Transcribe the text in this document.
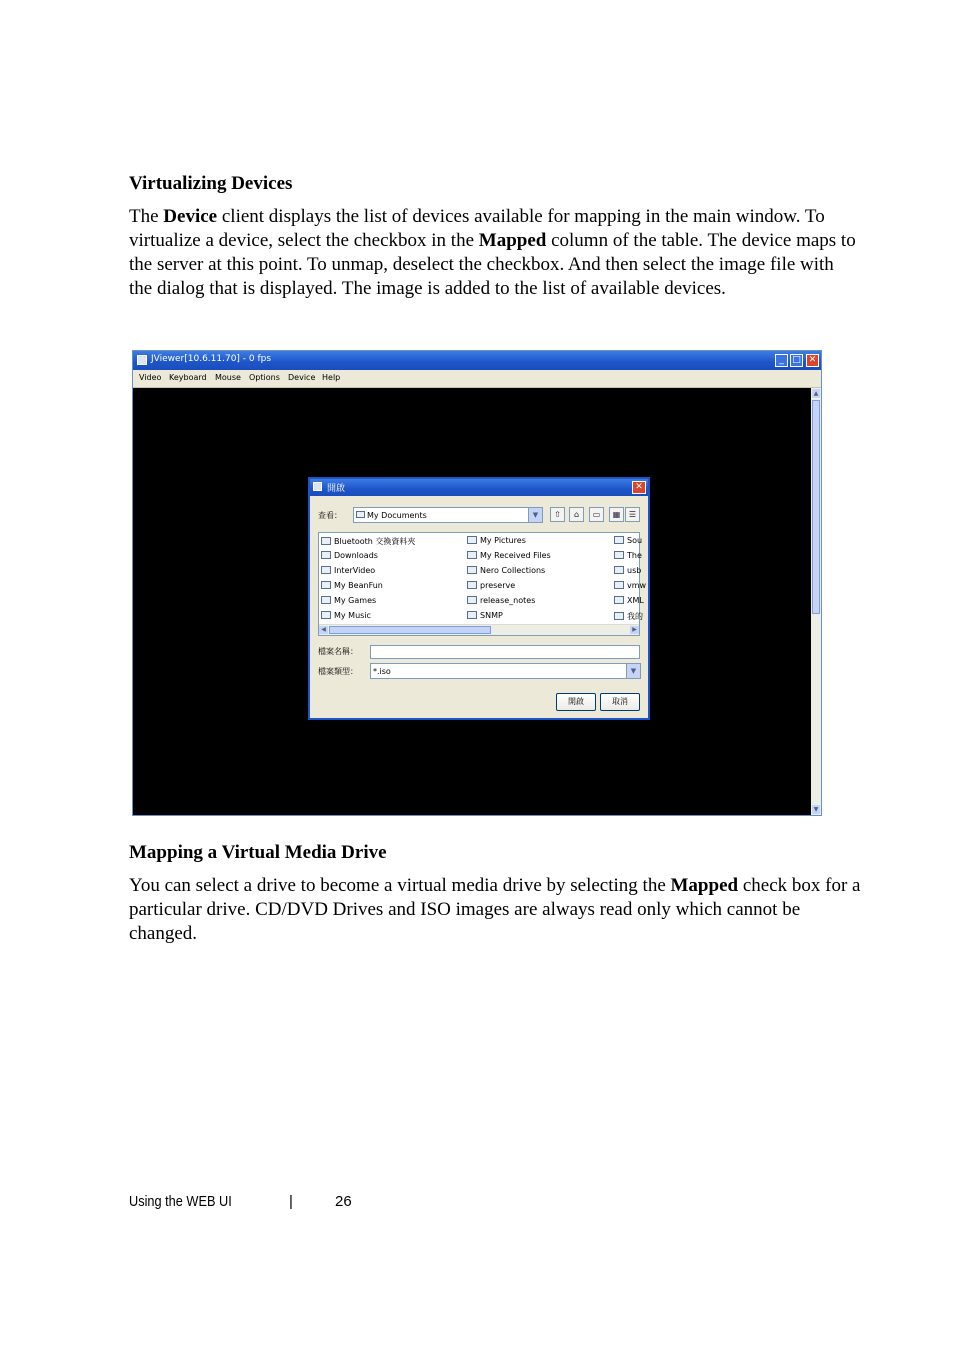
Virtualizing Devices
The Device client displays the list of devices available for mapping in the main window. To virtualize a device, select the checkbox in the Mapped column of the table. The device maps to the server at this point. To unmap, deselect the checkbox. And then select the image file with the dialog that is displayed. The image is added to the list of available devices.
JViewer[10.6.11.70] - 0 fps	_ □ ✕
Video Keyboard Mouse Options Device Help
▲
▼
開啟	✕
查看：	My Documents	▼	⇧	⌂	▭	▦	☰
Bluetooth 交換資料夾
Downloads
InterVideo
My BeanFun
My Games
My Music
My Pictures
My Received Files
Nero Collections
preserve
release_notes
SNMP
Sou
The
usb
vmw
XML
我的
◀	▶
檔案名稱：
檔案類型： *.iso	▼
開啟	取消
Mapping a Virtual Media Drive
You can select a drive to become a virtual media drive by selecting the Mapped check box for a particular drive. CD/DVD Drives and ISO images are always read only which cannot be changed.
Using the WEB UI	|	26
